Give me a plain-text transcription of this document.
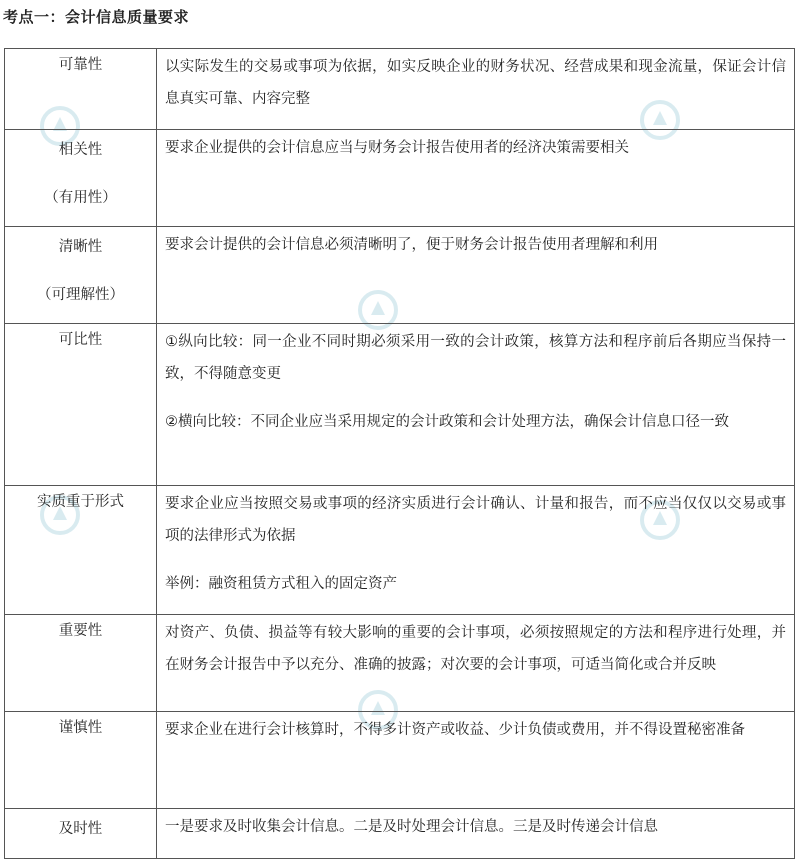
考点一：会计信息质量要求
可靠性	以实际发生的交易或事项为依据，如实反映企业的财务状况、经营成果和现金流量，保证会计信息真实可靠、内容完整

相关性
（有用性）	要求企业提供的会计信息应当与财务会计报告使用者的经济决策需要相关

清晰性
（可理解性）	要求会计提供的会计信息必须清晰明了，便于财务会计报告使用者理解和利用

可比性	①纵向比较：同一企业不同时期必须采用一致的会计政策，核算方法和程序前后各期应当保持一致，不得随意变更
②横向比较：不同企业应当采用规定的会计政策和会计处理方法，确保会计信息口径一致

实质重于形式	要求企业应当按照交易或事项的经济实质进行会计确认、计量和报告，而不应当仅仅以交易或事项的法律形式为依据
举例：融资租赁方式租入的固定资产

重要性	对资产、负债、损益等有较大影响的重要的会计事项，必须按照规定的方法和程序进行处理，并在财务会计报告中予以充分、准确的披露；对次要的会计事项，可适当简化或合并反映

谨慎性	要求企业在进行会计核算时，不得多计资产或收益、少计负债或费用，并不得设置秘密准备

及时性	一是要求及时收集会计信息。二是及时处理会计信息。三是及时传递会计信息
